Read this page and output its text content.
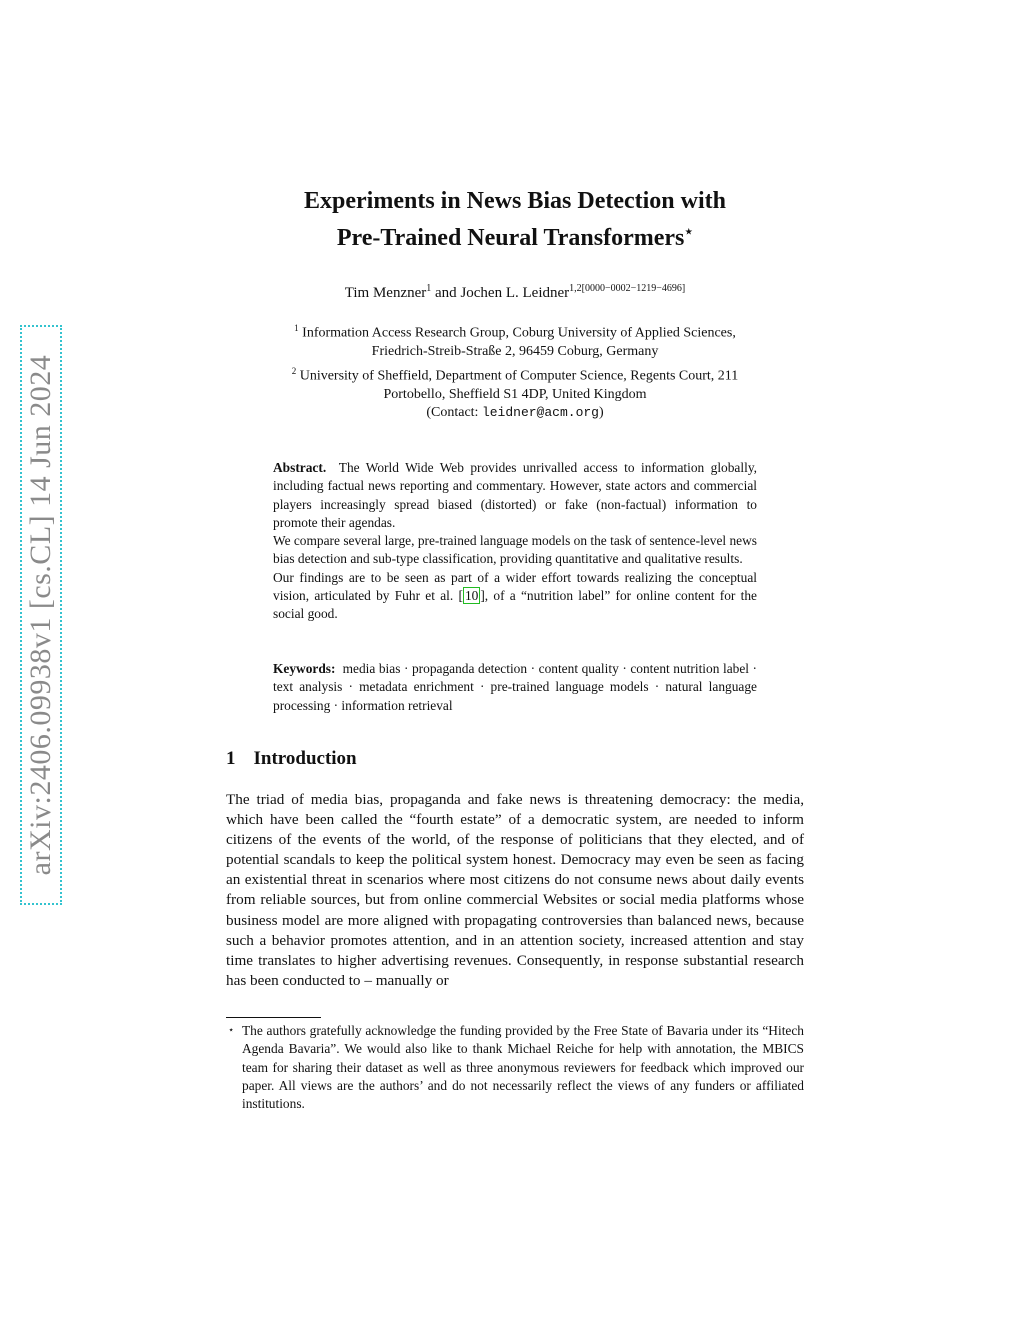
arXiv:2406.09938v1 [cs.CL] 14 Jun 2024
Experiments in News Bias Detection with
Pre-Trained Neural Transformers⋆
Tim Menzner$^1$ and Jochen L. Leidner$^{1,2[0000-0002-1219-4696]}$
$^1$ Information Access Research Group, Coburg University of Applied Sciences,
Friedrich-Streib-Straße 2, 96459 Coburg, Germany
$^2$ University of Sheffield, Department of Computer Science, Regents Court, 211
Portobello, Sheffield S1 4DP, United Kingdom
(Contact: leidner@acm.org)

Abstract. The World Wide Web provides unrivalled access to information globally, including factual news reporting and commentary. However, state actors and commercial players increasingly spread biased (distorted) or fake (non-factual) information to promote their agendas.

We compare several large, pre-trained language models on the task of sentence-level news bias detection and sub-type classification, providing quantitative and qualitative results.

Our findings are to be seen as part of a wider effort towards realizing the conceptual vision, articulated by Fuhr et al. [ 10 ], of a “nutrition label” for online content for the social good.

Keywords: media bias · propaganda detection · content quality · content nutrition label · text analysis · metadata enrichment · pre-trained language models · natural language processing · information retrieval
1 Introduction

The triad of media bias, propaganda and fake news is threatening democracy: the media, which have been called the “fourth estate” of a democratic system, are needed to inform citizens of the events of the world, of the response of politicians that they elected, and of potential scandals to keep the political system honest. Democracy may even be seen as facing an existential threat in scenarios where most citizens do not consume news about daily events from reliable sources, but from online commercial Websites or social media platforms whose business model are more aligned with propagating controversies than balanced news, because such a behavior promotes attention, and in an attention society, increased attention and stay time translates to higher advertising revenues. Consequently, in response substantial research has been conducted to – manually or

⋆ The authors gratefully acknowledge the funding provided by the Free State of Bavaria under its “Hitech Agenda Bavaria”. We would also like to thank Michael Reiche for help with annotation, the MBICS team for sharing their dataset as well as three anonymous reviewers for feedback which improved our paper. All views are the authors’ and do not necessarily reflect the views of any funders or affiliated institutions.
